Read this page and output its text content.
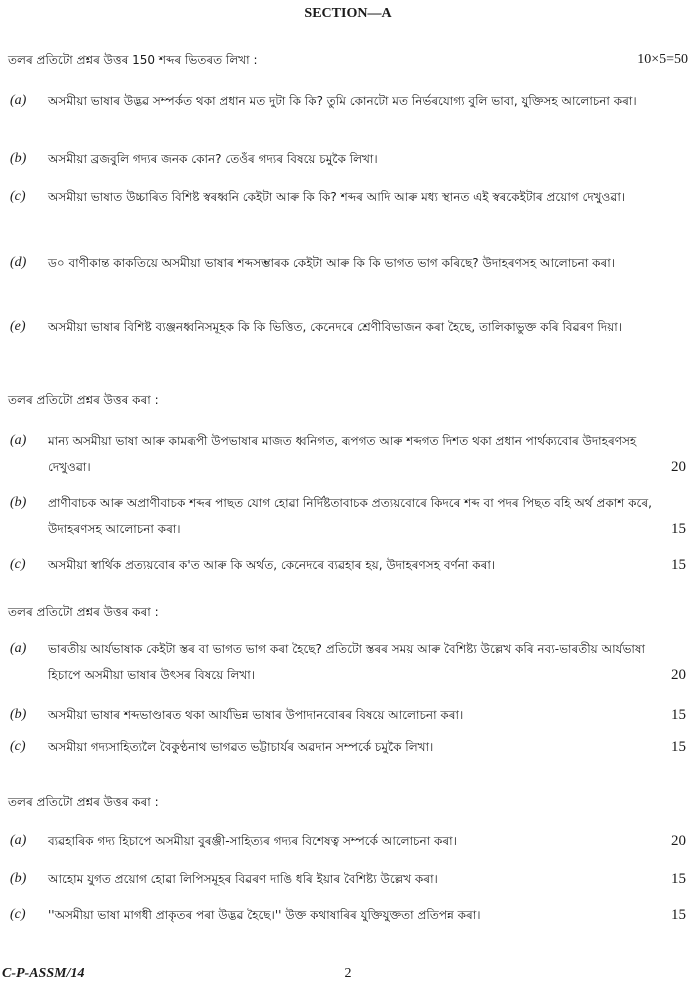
SECTION—A
তলৰ প্ৰতিটো প্ৰশ্নৰ উত্তৰ 150 শব্দৰ ভিতৰত লিখা :	10×5=50
(a) অসমীয়া ভাষাৰ উদ্ভৱ সম্পৰ্কত থকা প্ৰধান মত দুটা কি কি? তুমি কোনটো মত নিৰ্ভৰযোগ্য বুলি ভাবা, যুক্তিসহ আলোচনা কৰা।
(b) অসমীয়া ব্ৰজবুলি গদ্যৰ জনক কোন? তেওঁৰ গদ্যৰ বিষয়ে চমুকৈ লিখা।
(c) অসমীয়া ভাষাত উচ্চাৰিত বিশিষ্ট স্বৰধ্বনি কেইটা আৰু কি কি? শব্দৰ আদি আৰু মধ্য স্থানত এই স্বৰকেইটাৰ প্ৰয়োগ দেখুওৱা।
(d) ড০ বাণীকান্ত কাকতিয়ে অসমীয়া ভাষাৰ শব্দসম্ভাৰক কেইটা আৰু কি কি ভাগত ভাগ কৰিছে? উদাহৰণসহ আলোচনা কৰা।
(e) অসমীয়া ভাষাৰ বিশিষ্ট ব্যঞ্জনধ্বনিসমূহক কি কি ভিত্তিত, কেনেদৰে শ্ৰেণীবিভাজন কৰা হৈছে, তালিকাভুক্ত কৰি বিৱৰণ দিয়া।
তলৰ প্ৰতিটো প্ৰশ্নৰ উত্তৰ কৰা :
(a) মান্য অসমীয়া ভাষা আৰু কামৰূপী উপভাষাৰ মাজত ধ্বনিগত, ৰূপগত আৰু শব্দগত দিশত থকা প্ৰধান পাৰ্থক্যবোৰ উদাহৰণসহ দেখুওৱা।	20
(b) প্ৰাণীবাচক আৰু অপ্ৰাণীবাচক শব্দৰ পাছত যোগ হোৱা নিৰ্দিষ্টতাবাচক প্ৰত্যয়বোৰে কিদৰে শব্দ বা পদৰ পিছত বহি অৰ্থ প্ৰকাশ কৰে, উদাহৰণসহ আলোচনা কৰা।	15
(c) অসমীয়া স্বাৰ্থিক প্ৰত্যয়বোৰ ক'ত আৰু কি অৰ্থত, কেনেদৰে ব্যৱহাৰ হয়, উদাহৰণসহ বৰ্ণনা কৰা।	15
তলৰ প্ৰতিটো প্ৰশ্নৰ উত্তৰ কৰা :
(a) ভাৰতীয় আৰ্যভাষাক কেইটা স্তৰ বা ভাগত ভাগ কৰা হৈছে? প্ৰতিটো স্তৰৰ সময় আৰু বৈশিষ্ট্য উল্লেখ কৰি নব্য-ভাৰতীয় আৰ্যভাষা হিচাপে অসমীয়া ভাষাৰ উৎসৰ বিষয়ে লিখা।	20
(b) অসমীয়া ভাষাৰ শব্দভাণ্ডাৰত থকা আৰ্যভিন্ন ভাষাৰ উপাদানবোৰৰ বিষয়ে আলোচনা কৰা।	15
(c) অসমীয়া গদ্যসাহিত্যলৈ বৈকুণ্ঠনাথ ভাগৱত ভট্টাচাৰ্যৰ অৱদান সম্পৰ্কে চমুকৈ লিখা।	15
তলৰ প্ৰতিটো প্ৰশ্নৰ উত্তৰ কৰা :
(a) ব্যৱহাৰিক গদ্য হিচাপে অসমীয়া বুৰঞ্জী-সাহিত্যৰ গদ্যৰ বিশেষত্ব সম্পৰ্কে আলোচনা কৰা।	20
(b) আহোম যুগত প্ৰয়োগ হোৱা লিপিসমূহৰ বিৱৰণ দাঙি ধৰি ইয়াৰ বৈশিষ্ট্য উল্লেখ কৰা।	15
(c) ''অসমীয়া ভাষা মাগধী প্ৰাকৃতৰ পৰা উদ্ভৱ হৈছে।'' উক্ত কথাষাৰিৰ যুক্তিযুক্ততা প্ৰতিপন্ন কৰা।	15
C-P-ASSM/14	2
